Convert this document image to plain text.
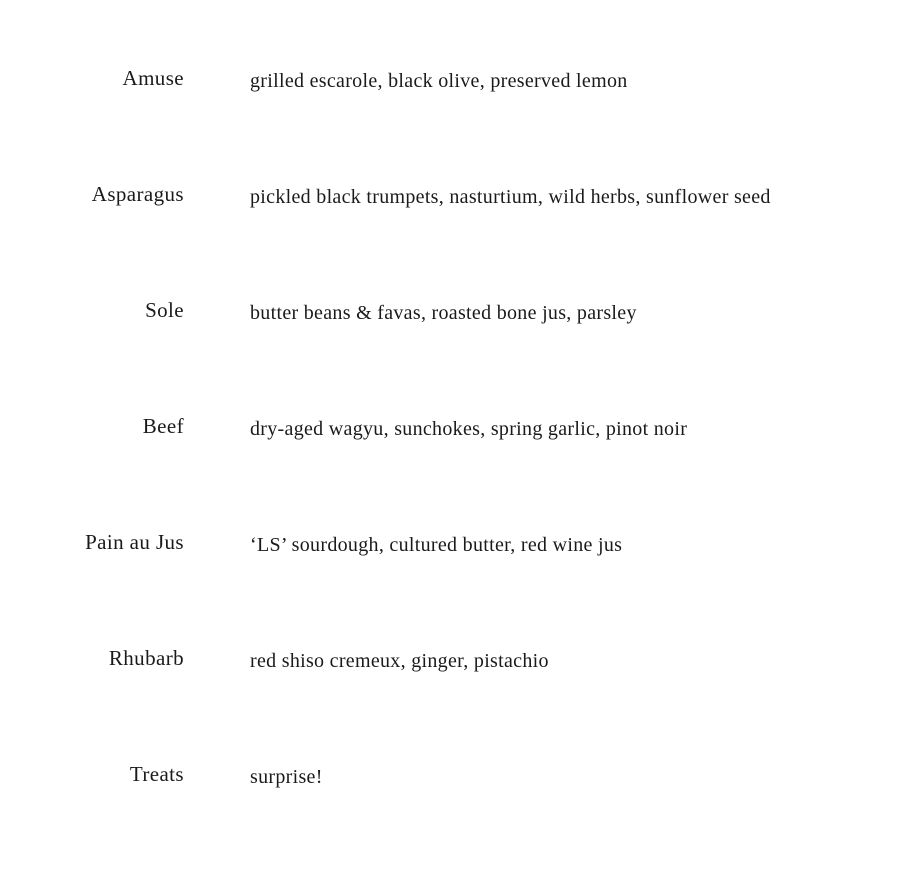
Amuse	grilled escarole, black olive, preserved lemon
Asparagus	pickled black trumpets, nasturtium, wild herbs, sunflower seed
Sole	butter beans & favas, roasted bone jus, parsley
Beef	dry-aged wagyu, sunchokes, spring garlic, pinot noir
Pain au Jus	‘LS’ sourdough, cultured butter, red wine jus
Rhubarb	red shiso cremeux, ginger, pistachio
Treats	surprise!
